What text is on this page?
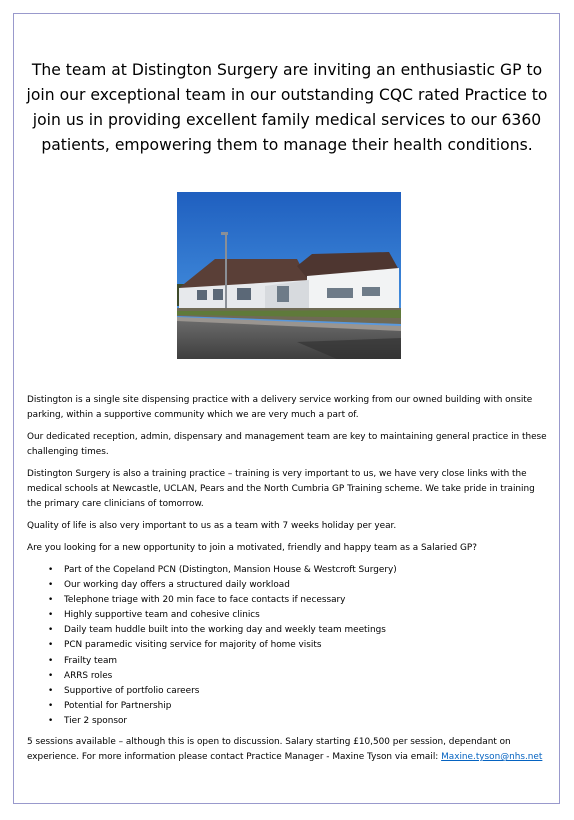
The team at Distington Surgery are inviting an enthusiastic GP to join our exceptional team in our outstanding CQC rated Practice to join us in providing excellent family medical services to our 6360 patients, empowering them to manage their health conditions.

Distington is a single site dispensing practice with a delivery service working from our owned building with onsite parking, within a supportive community which we are very much a part of.

Our dedicated reception, admin, dispensary and management team are key to maintaining general practice in these challenging times.

Distington Surgery is also a training practice – training is very important to us, we have very close links with the medical schools at Newcastle, UCLAN, Pears and the North Cumbria GP Training scheme. We take pride in training the primary care clinicians of tomorrow.

Quality of life is also very important to us as a team with 7 weeks holiday per year.

Are you looking for a new opportunity to join a motivated, friendly and happy team as a Salaried GP?

• Part of the Copeland PCN (Distington, Mansion House & Westcroft Surgery)
• Our working day offers a structured daily workload
• Telephone triage with 20 min face to face contacts if necessary
• Highly supportive team and cohesive clinics
• Daily team huddle built into the working day and weekly team meetings
• PCN paramedic visiting service for majority of home visits
• Frailty team
• ARRS roles
• Supportive of portfolio careers
• Potential for Partnership
• Tier 2 sponsor

5 sessions available – although this is open to discussion. Salary starting £10,500 per session, dependant on experience. For more information please contact Practice Manager - Maxine Tyson via email: Maxine.tyson@nhs.net
